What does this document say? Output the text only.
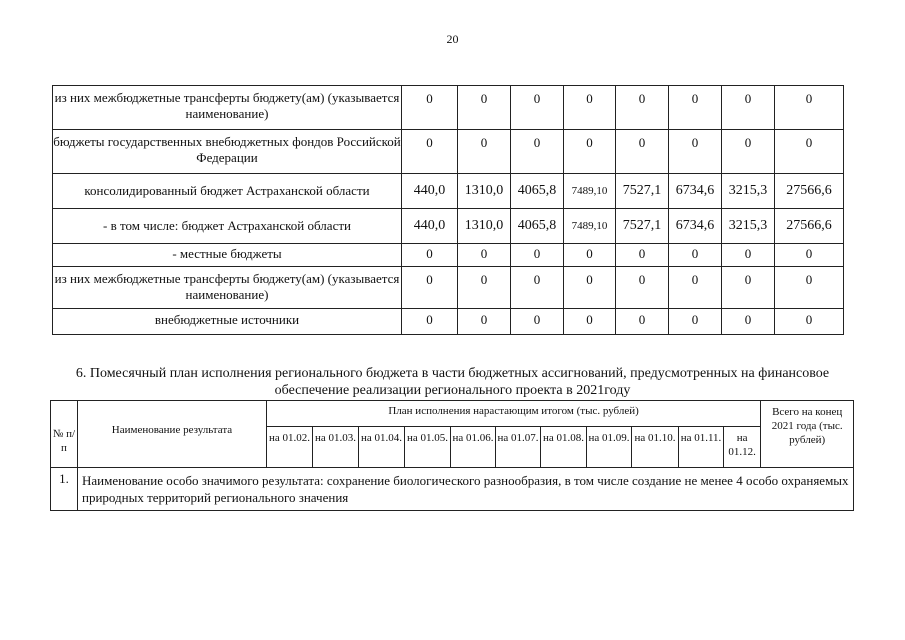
20
из них межбюджетные трансферты бюджету(ам) (указывается наименование)	0	0	0	0	0	0	0	0
бюджеты государственных внебюджетных фондов Российской Федерации	0	0	0	0	0	0	0	0
консолидированный бюджет Астраханской области	440,0	1310,0	4065,8	7489,10	7527,1	6734,6	3215,3	27566,6
- в том числе: бюджет Астраханской области	440,0	1310,0	4065,8	7489,10	7527,1	6734,6	3215,3	27566,6
- местные бюджеты	0	0	0	0	0	0	0	0
из них межбюджетные трансферты бюджету(ам) (указывается наименование)	0	0	0	0	0	0	0	0
внебюджетные источники	0	0	0	0	0	0	0	0
6. Помесячный план исполнения регионального бюджета в части бюджетных ассигнований, предусмотренных на финансовое обеспечение реализации регионального проекта в 2021году
№ п/ п	Наименование результата	План исполнения нарастающим итогом (тыс. рублей)											Всего на конец 2021 года (тыс. рублей)
		на 01.02.	на 01.03.	на 01.04.	на 01.05.	на 01.06.	на 01.07.	на 01.08.	на 01.09.	на 01.10.	на 01.11.	на 01.12.	
1.	Наименование особо значимого результата: сохранение биологического разнообразия, в том числе создание не менее 4 особо охраняемых природных территорий регионального значения												
